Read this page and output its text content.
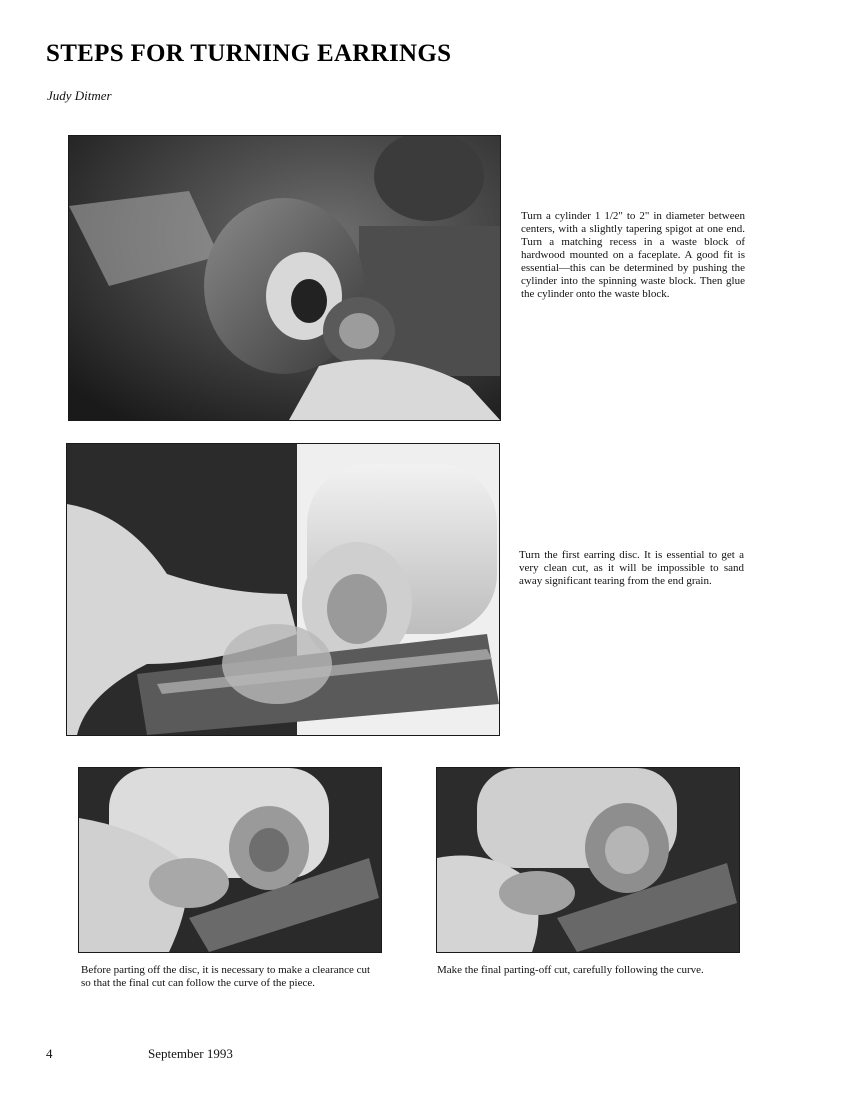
STEPS FOR TURNING EARRINGS
Judy Ditmer
Turn a cylinder 1 1/2" to 2" in diameter between centers, with a slightly tapering spigot at one end. Turn a matching recess in a waste block of hardwood mounted on a faceplate. A good fit is essential—this can be determined by pushing the cylinder into the spinning waste block. Then glue the cylinder onto the waste block.
Turn the first earring disc. It is essential to get a very clean cut, as it will be impossible to sand away significant tearing from the end grain.
Before parting off the disc, it is necessary to make a clearance cut so that the final cut can follow the curve of the piece.
Make the final parting-off cut, carefully following the curve.
4	September 1993
